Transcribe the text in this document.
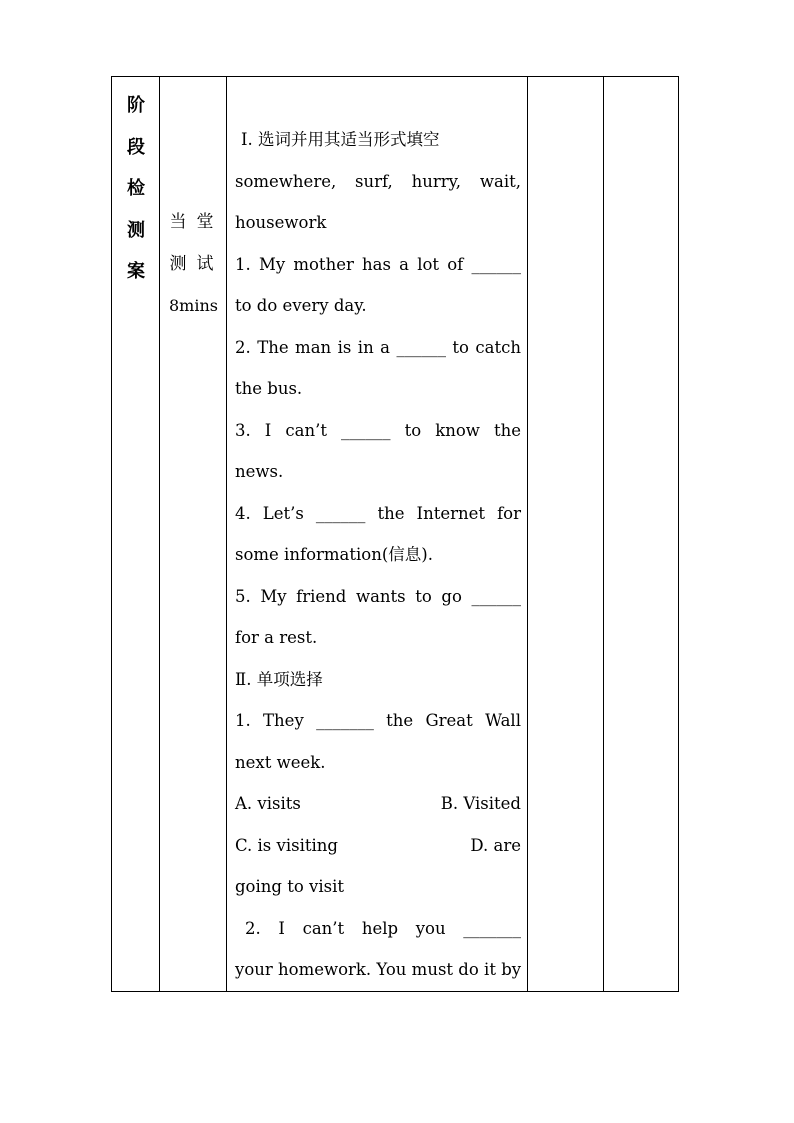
阶
段
检
测
案
当堂
测试
8mins
Ⅰ. 选词并用其适当形式填空
somewhere, surf, hurry, wait,
housework
1. My mother has a lot of ______
to do every day.
2. The man is in a ______ to catch
the bus.
3. I can’t ______ to know the
news.
4. Let’s ______ the Internet for
some information(信息).
5. My friend wants to go ______
for a rest.
Ⅱ. 单项选择
1. They _______ the Great Wall
next week.
A. visits	B. Visited
C. is visiting	D. are
going to visit
2. I can’t help you _______
your homework. You must do it by
